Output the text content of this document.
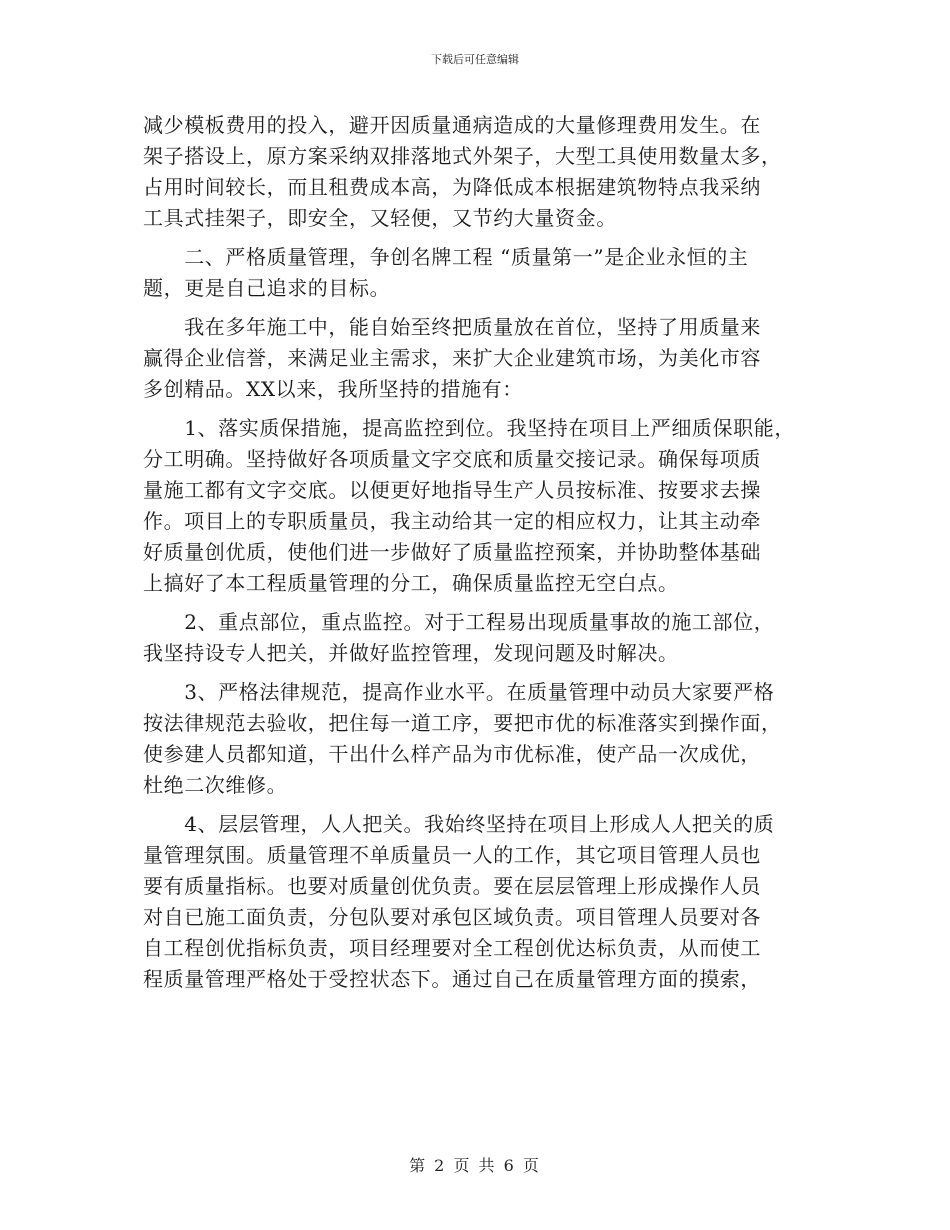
下载后可任意编辑
减少模板费用的投入，避开因质量通病造成的大量修理费用发生。在
架子搭设上，原方案采纳双排落地式外架子，大型工具使用数量太多，
占用时间较长，而且租费成本高，为降低成本根据建筑物特点我采纳
工具式挂架子，即安全，又轻便，又节约大量资金。
　　二、严格质量管理，争创名牌工程 “质量第一”是企业永恒的主
题，更是自己追求的目标。
　　我在多年施工中，能自始至终把质量放在首位，坚持了用质量来
赢得企业信誉，来满足业主需求，来扩大企业建筑市场，为美化市容
多创精品。XX以来，我所坚持的措施有：
　　1、落实质保措施，提高监控到位。我坚持在项目上严细质保职能，
分工明确。坚持做好各项质量文字交底和质量交接记录。确保每项质
量施工都有文字交底。以便更好地指导生产人员按标准、按要求去操
作。项目上的专职质量员，我主动给其一定的相应权力，让其主动牵
好质量创优质，使他们进一步做好了质量监控预案，并协助整体基础
上搞好了本工程质量管理的分工，确保质量监控无空白点。
　　2、重点部位，重点监控。对于工程易出现质量事故的施工部位，
我坚持设专人把关，并做好监控管理，发现问题及时解决。
　　3、严格法律规范，提高作业水平。在质量管理中动员大家要严格
按法律规范去验收，把住每一道工序，要把市优的标准落实到操作面，
使参建人员都知道，干出什么样产品为市优标准，使产品一次成优，
杜绝二次维修。
　　4、层层管理，人人把关。我始终坚持在项目上形成人人把关的质
量管理氛围。质量管理不单质量员一人的工作，其它项目管理人员也
要有质量指标。也要对质量创优负责。要在层层管理上形成操作人员
对自已施工面负责，分包队要对承包区域负责。项目管理人员要对各
自工程创优指标负责，项目经理要对全工程创优达标负责，从而使工
程质量管理严格处于受控状态下。通过自己在质量管理方面的摸索，
第 2 页 共 6 页
